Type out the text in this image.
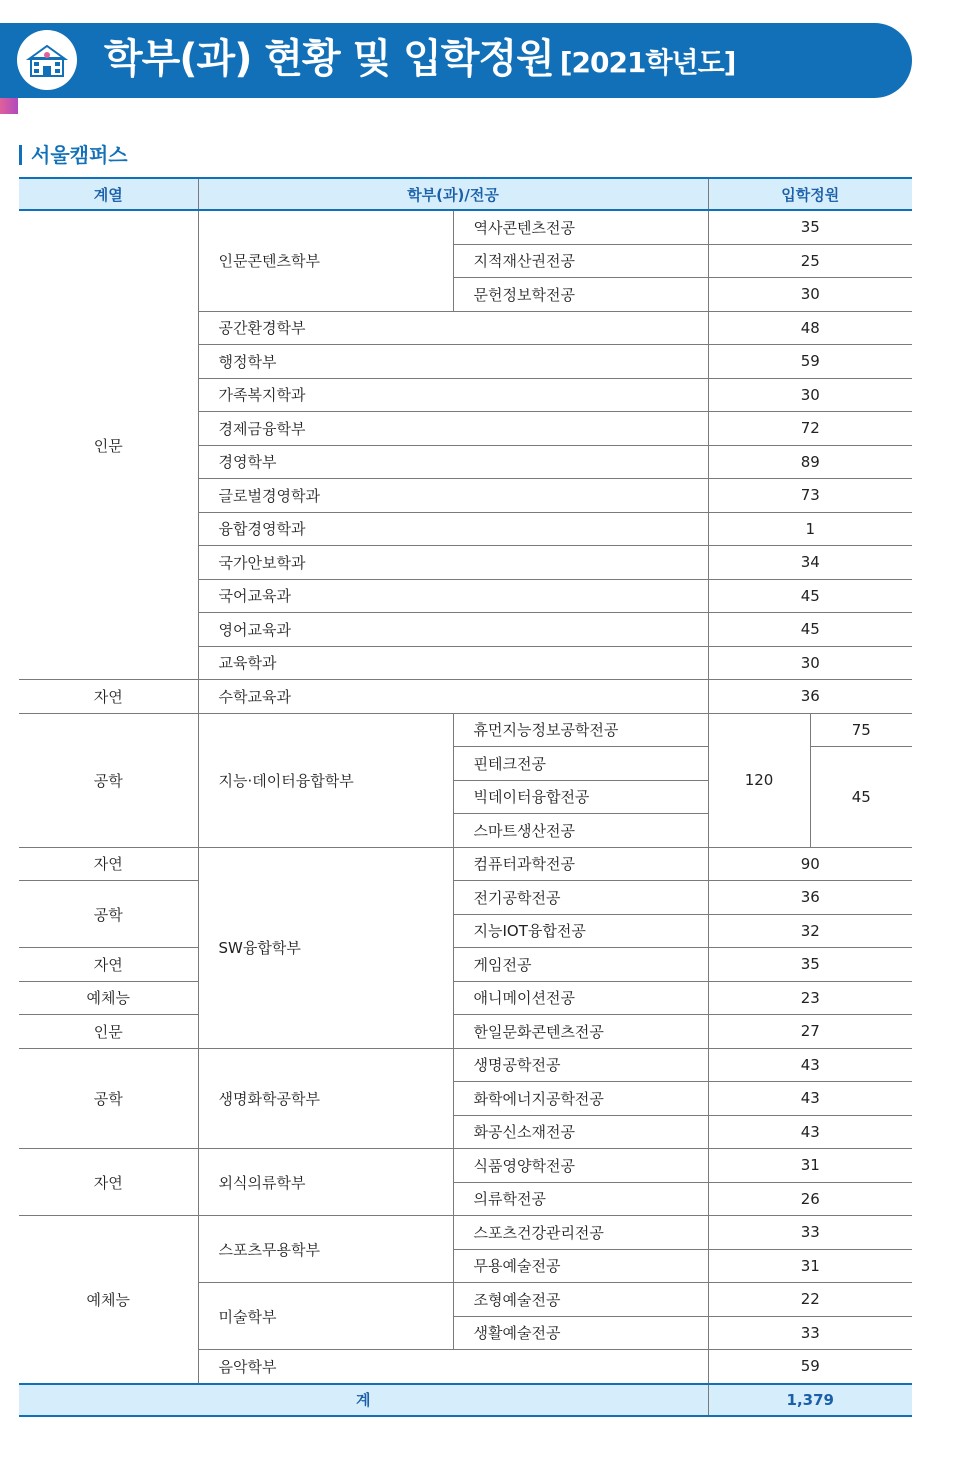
학부(과) 현황 및 입학정원 [2021학년도]
서울캠퍼스
계열	학부(과)/전공		입학정원	
인문	인문콘텐츠학부	역사콘텐츠전공	35	
		지적재산권전공	25	
		문헌정보학전공	30	
	공간환경학부		48	
	행정학부		59	
	가족복지학과		30	
	경제금융학부		72	
	경영학부		89	
	글로벌경영학과		73	
	융합경영학과		1	
	국가안보학과		34	
	국어교육과		45	
	영어교육과		45	
	교육학과		30	
자연	수학교육과		36	
공학	지능·데이터융합학부	휴먼지능정보공학전공	120	75
		핀테크전공		45
		빅데이터융합전공		
		스마트생산전공		
자연	SW융합학부	컴퓨터과학전공	90	
공학		전기공학전공	36	
		지능IOT융합전공	32	
자연		게임전공	35	
예체능		애니메이션전공	23	
인문		한일문화콘텐츠전공	27	
공학	생명화학공학부	생명공학전공	43	
		화학에너지공학전공	43	
		화공신소재전공	43	
자연	외식의류학부	식품영양학전공	31	
		의류학전공	26	
예체능	스포츠무용학부	스포츠건강관리전공	33	
		무용예술전공	31	
	미술학부	조형예술전공	22	
		생활예술전공	33	
	음악학부		59	
계			1,379	
